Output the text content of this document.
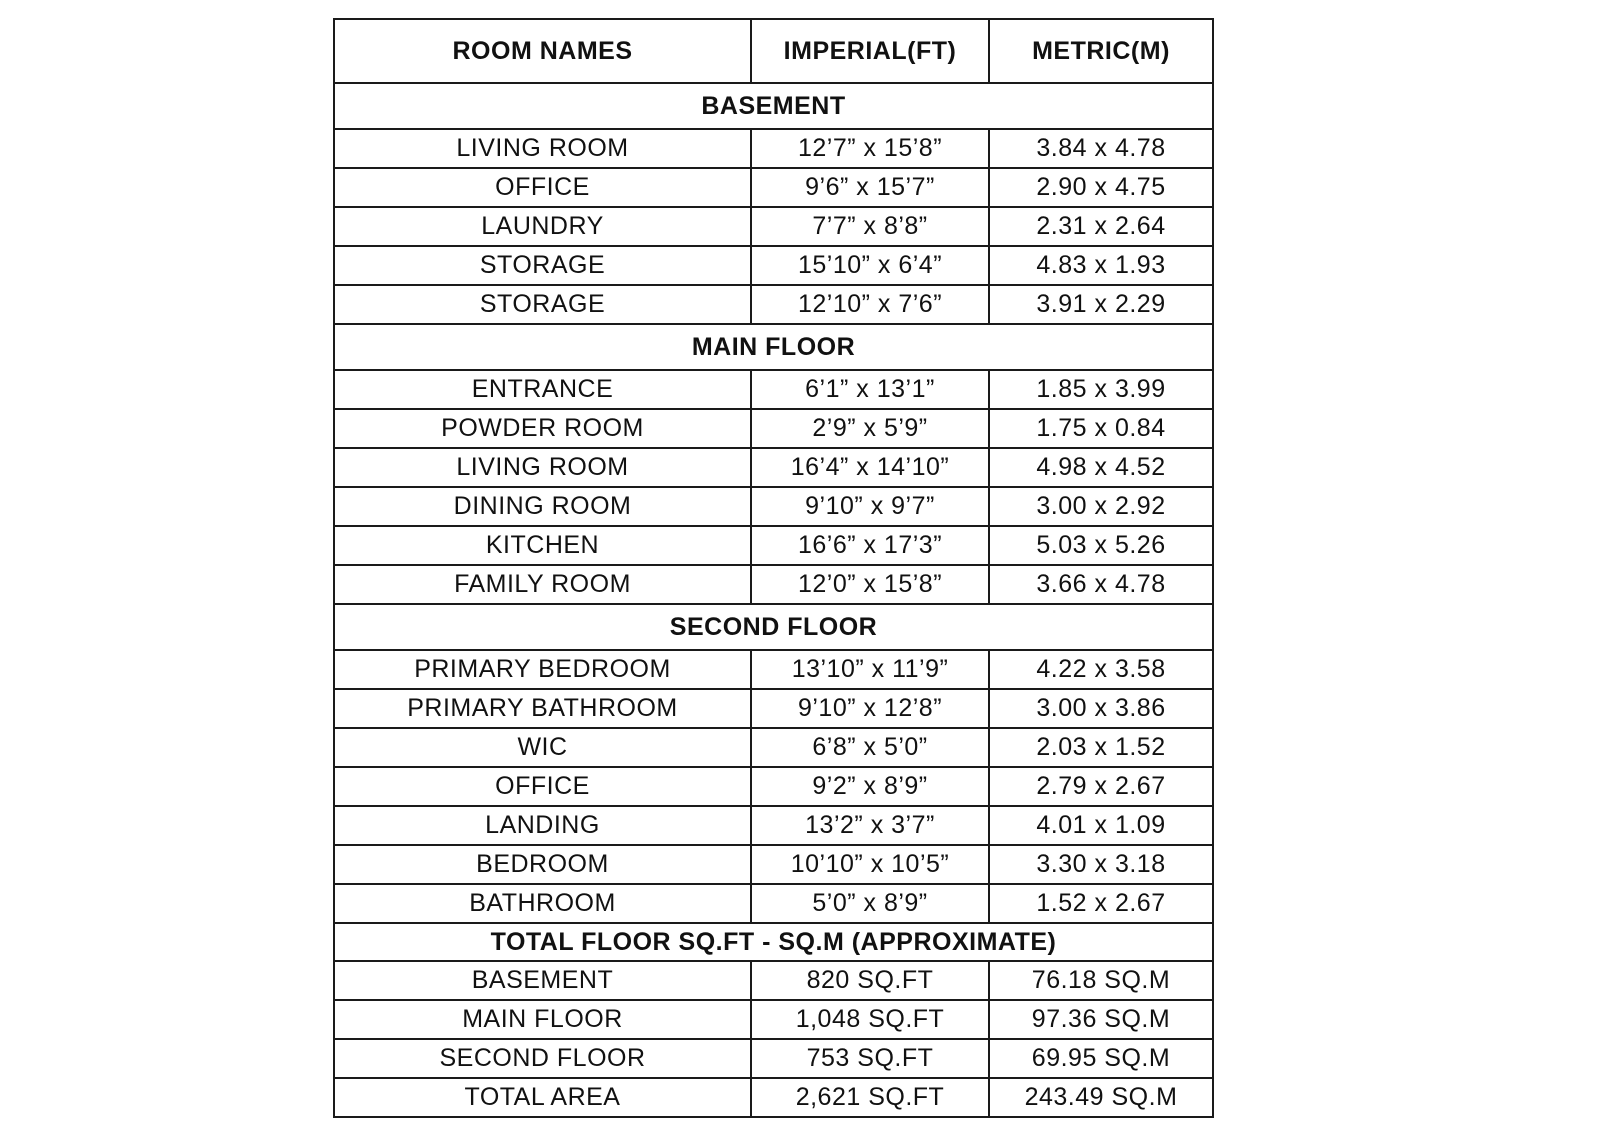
ROOM NAMES	IMPERIAL(FT)	METRIC(M)
BASEMENT		
LIVING ROOM	12’7” x 15’8”	3.84 x 4.78
OFFICE	9’6” x 15’7”	2.90 x 4.75
LAUNDRY	7’7” x 8’8”	2.31 x 2.64
STORAGE	15’10” x 6’4”	4.83 x 1.93
STORAGE	12’10” x 7’6”	3.91 x 2.29
MAIN FLOOR		
ENTRANCE	6’1” x 13’1”	1.85 x 3.99
POWDER ROOM	2’9” x 5’9”	1.75 x 0.84
LIVING ROOM	16’4” x 14’10”	4.98 x 4.52
DINING ROOM	9’10” x 9’7”	3.00 x 2.92
KITCHEN	16’6” x 17’3”	5.03 x 5.26
FAMILY ROOM	12’0” x 15’8”	3.66 x 4.78
SECOND FLOOR		
PRIMARY BEDROOM	13’10” x 11’9”	4.22 x 3.58
PRIMARY BATHROOM	9’10” x 12’8”	3.00 x 3.86
WIC	6’8” x 5’0”	2.03 x 1.52
OFFICE	9’2” x 8’9”	2.79 x 2.67
LANDING	13’2” x 3’7”	4.01 x 1.09
BEDROOM	10’10” x 10’5”	3.30 x 3.18
BATHROOM	5’0” x 8’9”	1.52 x 2.67
TOTAL FLOOR SQ.FT - SQ.M (APPROXIMATE)		
BASEMENT	820 SQ.FT	76.18 SQ.M
MAIN FLOOR	1,048 SQ.FT	97.36 SQ.M
SECOND FLOOR	753 SQ.FT	69.95 SQ.M
TOTAL AREA	2,621 SQ.FT	243.49 SQ.M
